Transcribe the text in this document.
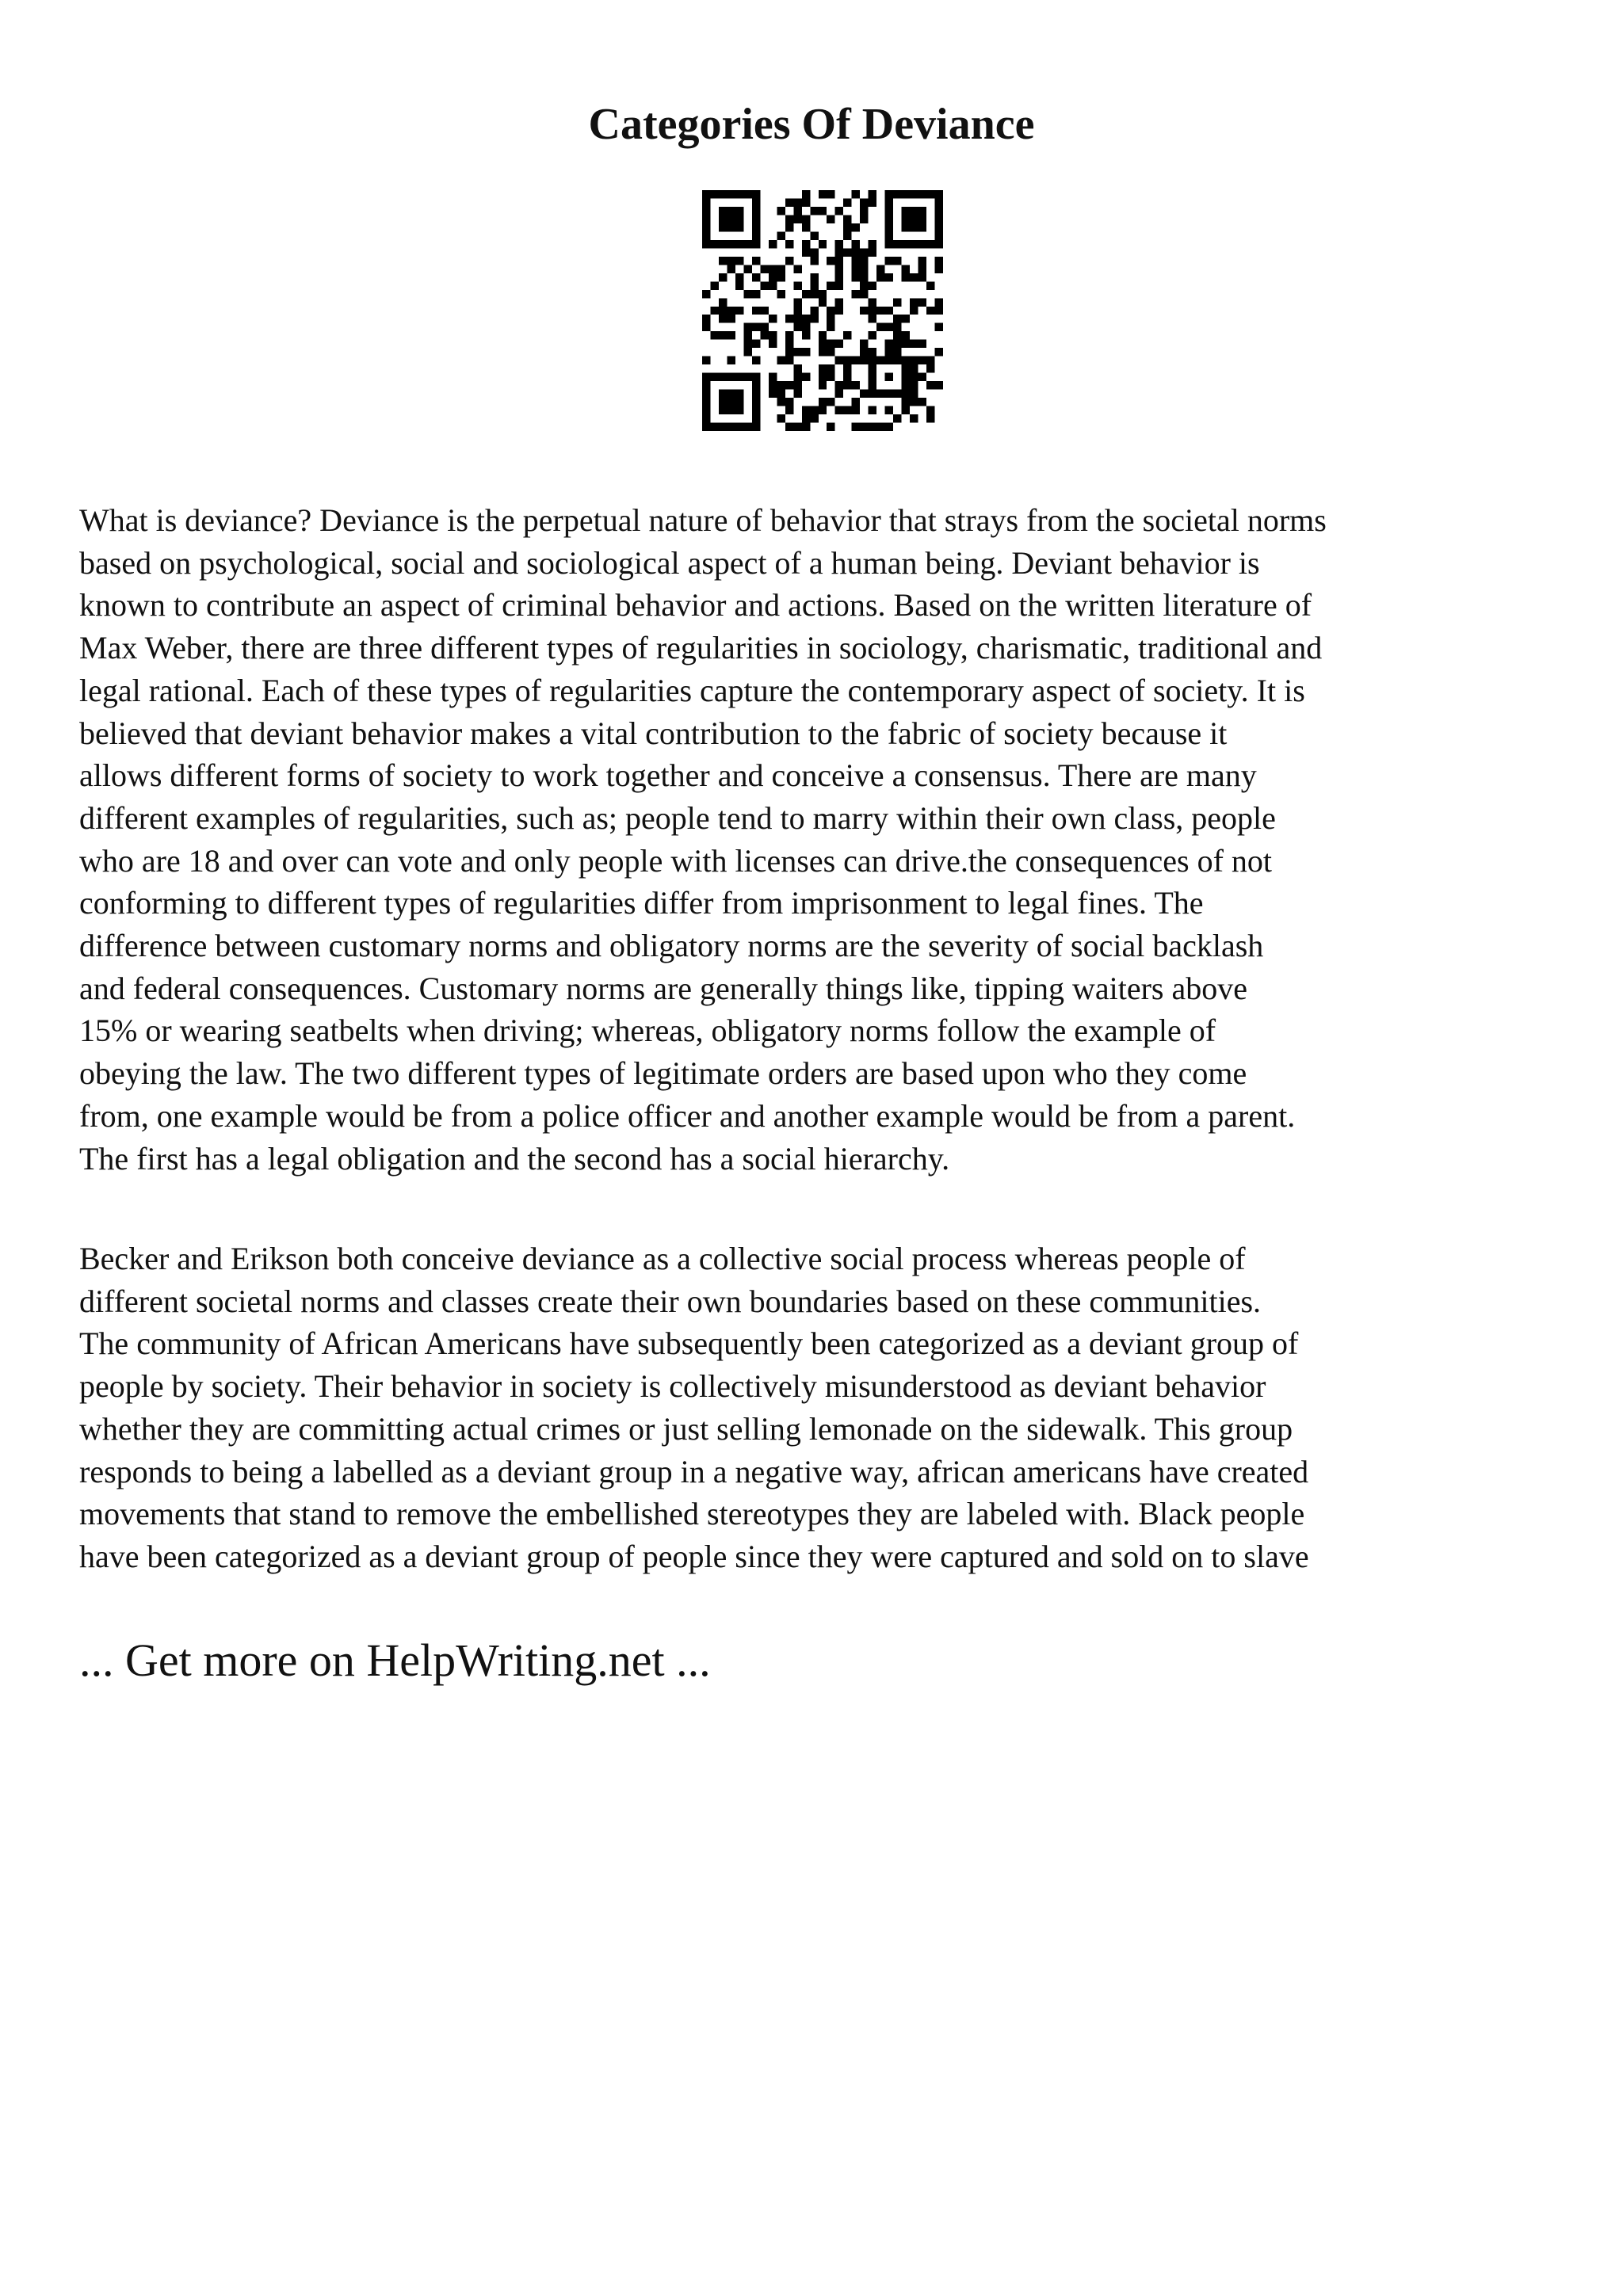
Categories Of Deviance

What is deviance? Deviance is the perpetual nature of behavior that strays from the societal norms
based on psychological, social and sociological aspect of a human being. Deviant behavior is
known to contribute an aspect of criminal behavior and actions. Based on the written literature of
Max Weber, there are three different types of regularities in sociology, charismatic, traditional and
legal rational. Each of these types of regularities capture the contemporary aspect of society. It is
believed that deviant behavior makes a vital contribution to the fabric of society because it
allows different forms of society to work together and conceive a consensus. There are many
different examples of regularities, such as; people tend to marry within their own class, people
who are 18 and over can vote and only people with licenses can drive.the consequences of not
conforming to different types of regularities differ from imprisonment to legal fines. The
difference between customary norms and obligatory norms are the severity of social backlash
and federal consequences. Customary norms are generally things like, tipping waiters above
15% or wearing seatbelts when driving; whereas, obligatory norms follow the example of
obeying the law. The two different types of legitimate orders are based upon who they come
from, one example would be from a police officer and another example would be from a parent.
The first has a legal obligation and the second has a social hierarchy.

Becker and Erikson both conceive deviance as a collective social process whereas people of
different societal norms and classes create their own boundaries based on these communities.
The community of African Americans have subsequently been categorized as a deviant group of
people by society. Their behavior in society is collectively misunderstood as deviant behavior
whether they are committing actual crimes or just selling lemonade on the sidewalk. This group
responds to being a labelled as a deviant group in a negative way, african americans have created
movements that stand to remove the embellished stereotypes they are labeled with. Black people
have been categorized as a deviant group of people since they were captured and sold on to slave

... Get more on HelpWriting.net ...
